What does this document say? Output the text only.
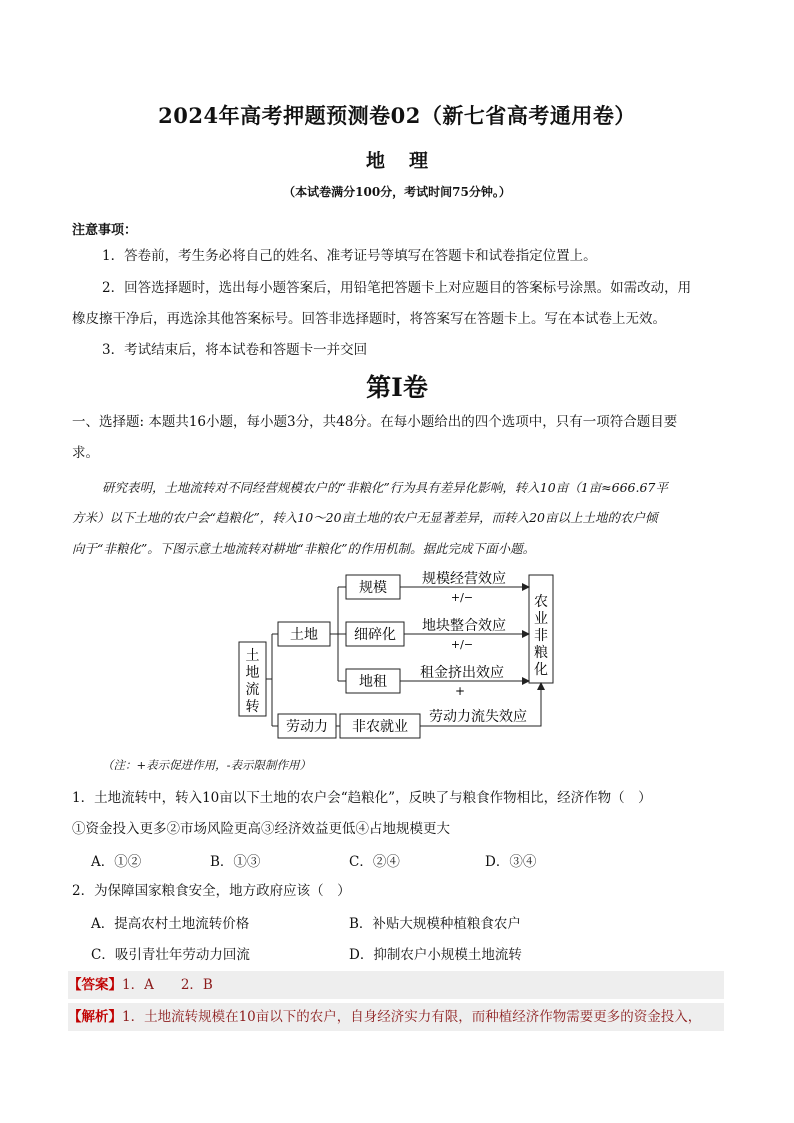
2024年高考押题预测卷02（新七省高考通用卷）
地 理
（本试卷满分100分，考试时间75分钟。）
注意事项：
1．答卷前，考生务必将自己的姓名、准考证号等填写在答题卡和试卷指定位置上。
2．回答选择题时，选出每小题答案后，用铅笔把答题卡上对应题目的答案标号涂黑。如需改动，用
橡皮擦干净后，再选涂其他答案标号。回答非选择题时，将答案写在答题卡上。写在本试卷上无效。
3．考试结束后，将本试卷和答题卡一并交回
第I卷
一、选择题: 本题共16小题，每小题3分，共48分。在每小题给出的四个选项中，只有一项符合题目要
求。
研究表明，土地流转对不同经营规模农户的“非粮化”行为具有差异化影响，转入10亩（1亩≈666.67平
方米）以下土地的农户会“趋粮化”，转入10～20亩土地的农户无显著差异，而转入20亩以上土地的农户倾
向于“非粮化”。下图示意土地流转对耕地“非粮化”的作用机制。据此完成下面小题。
土
地
流
转
土地
劳动力
规模
细碎化
地租
非农就业
农
业
非
粮
化
规模经营效应
+/−
地块整合效应
+/−
租金挤出效应
+
劳动力流失效应
（注：+表示促进作用，-表示限制作用）
1．土地流转中，转入10亩以下土地的农户会“趋粮化”，反映了与粮食作物相比，经济作物（　）
①资金投入更多②市场风险更高③经济效益更低④占地规模更大
A．①②	B．①③	C．②④	D．③④
2．为保障国家粮食安全，地方政府应该（　）
A．提高农村土地流转价格	B．补贴大规模种植粮食农户
C．吸引青壮年劳动力回流	D．抑制农户小规模土地流转
【答案】1．A　　2．B
【解析】1．土地流转规模在10亩以下的农户，自身经济实力有限，而种植经济作物需要更多的资金投入，
